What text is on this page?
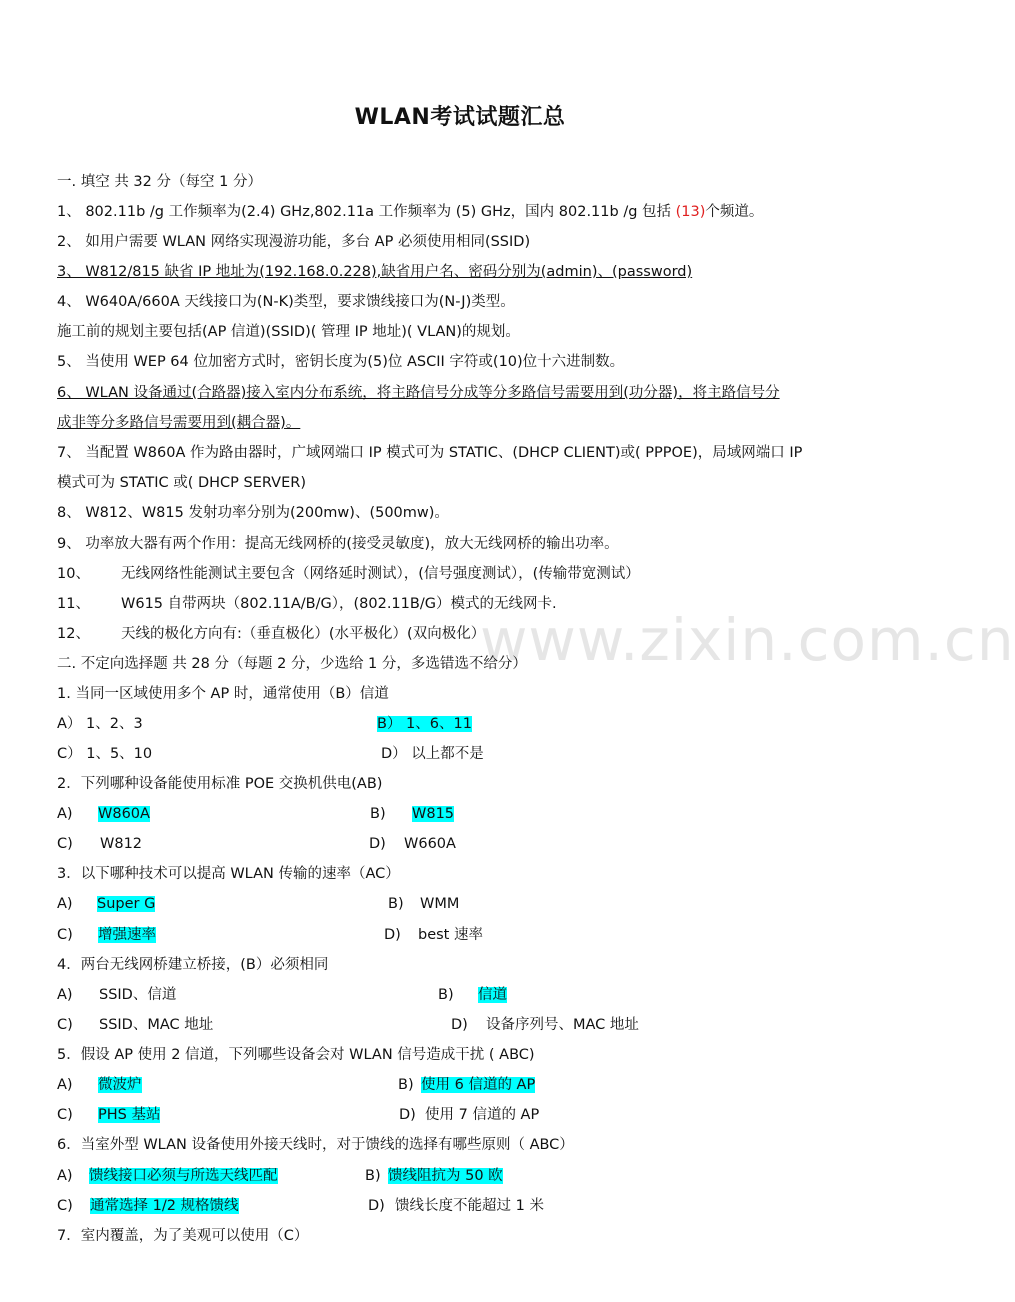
www.zixin.com.cn
WLAN考试试题汇总
一. 填空 共 32 分（每空 1 分）
1、 802.11b /g 工作频率为(2.4) GHz,802.11a 工作频率为 (5) GHz，国内 802.11b /g 包括 (13)个频道。
2、 如用户需要 WLAN 网络实现漫游功能，多台 AP 必须使用相同(SSID)
3、 W812/815 缺省 IP 地址为(192.168.0.228),缺省用户名、密码分别为(admin)、(password)
4、 W640A/660A 天线接口为(N-K)类型，要求馈线接口为(N-J)类型。
施工前的规划主要包括(AP 信道)(SSID)( 管理 IP 地址)( VLAN)的规划。
5、 当使用 WEP 64 位加密方式时，密钥长度为(5)位 ASCII 字符或(10)位十六进制数。
6、 WLAN 设备通过(合路器)接入室内分布系统，将主路信号分成等分多路信号需要用到(功分器)，将主路信号分
成非等分多路信号需要用到(耦合器)。
7、 当配置 W860A 作为路由器时，广域网端口 IP 模式可为 STATIC、(DHCP CLIENT)或( PPPOE)，局域网端口 IP
模式可为 STATIC 或( DHCP SERVER)
8、 W812、W815 发射功率分别为(200mw)、(500mw)。
9、 功率放大器有两个作用：提高无线网桥的(接受灵敏度)，放大无线网桥的输出功率。
10、 无线网络性能测试主要包含（网络延时测试），(信号强度测试），(传输带宽测试）
11、 W615 自带两块（802.11A/B/G），(802.11B/G）模式的无线网卡.
12、 天线的极化方向有:（垂直极化）(水平极化）(双向极化）
二. 不定向选择题 共 28 分（每题 2 分，少选给 1 分，多选错选不给分）
1. 当同一区域使用多个 AP 时，通常使用（B）信道
A） 1、2、3	B） 1、6、11
C） 1、5、10	D） 以上都不是
2．下列哪种设备能使用标准 POE 交换机供电(AB)
A) W860A	B) W815
C) W812	D) W660A
3．以下哪种技术可以提高 WLAN 传输的速率（AC）
A) Super G	B) WMM
C) 增强速率	D) best 速率
4．两台无线网桥建立桥接，(B）必须相同
A) SSID、信道	B) 信道
C) SSID、MAC 地址	D) 设备序列号、MAC 地址
5．假设 AP 使用 2 信道，下列哪些设备会对 WLAN 信号造成干扰 ( ABC)
A) 微波炉	B) 使用 6 信道的 AP
C) PHS 基站	D) 使用 7 信道的 AP
6．当室外型 WLAN 设备使用外接天线时，对于馈线的选择有哪些原则（ ABC）
A) 馈线接口必须与所选天线匹配	B) 馈线阻抗为 50 欧
C) 通常选择 1/2 规格馈线	D) 馈线长度不能超过 1 米
7．室内覆盖，为了美观可以使用（C）
